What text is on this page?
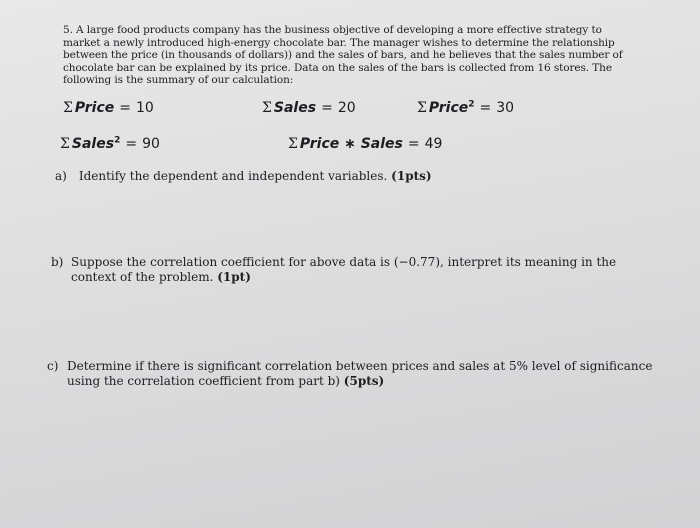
5. A large food products company has the business objective of developing a more effective strategy to market a newly introduced high-energy chocolate bar. The manager wishes to determine the relationship between the price (in thousands of dollars)) and the sales of bars, and he believes that the sales number of chocolate bar can be explained by its price. Data on the sales of the bars is collected from 16 stores. The following is the summary of our calculation:

Σ Price = 10	Σ Sales = 20	Σ Price$^2$ = 30
Σ Sales$^2$ = 90	Σ Price ∗ Sales = 49
a) Identify the dependent and independent variables. (1pts)
b) Suppose the correlation coefficient for above data is (−0.77), interpret its meaning in the context of the problem. (1pt)
c) Determine if there is significant correlation between prices and sales at 5% level of significance using the correlation coefficient from part b) (5pts)
